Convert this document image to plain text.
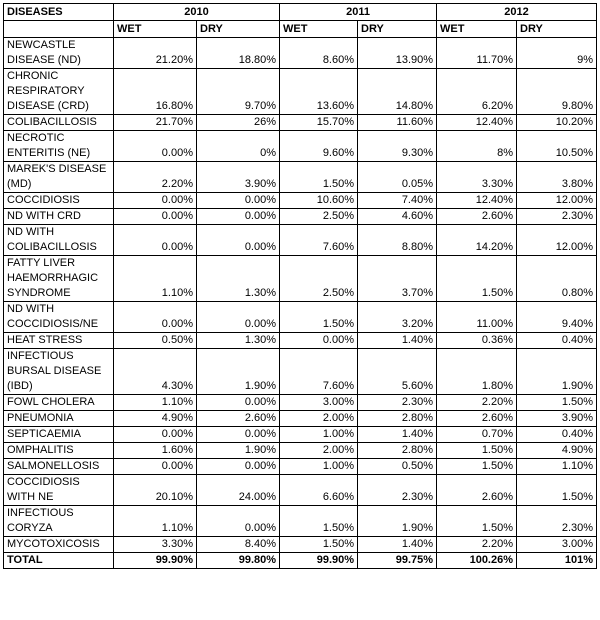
DISEASES	2010		2011		2012	
	WET	DRY	WET	DRY	WET	DRY
NEWCASTLE DISEASE (ND)	21.20%	18.80%	8.60%	13.90%	11.70%	9%
CHRONIC RESPIRATORY DISEASE (CRD)	16.80%	9.70%	13.60%	14.80%	6.20%	9.80%
COLIBACILLOSIS	21.70%	26%	15.70%	11.60%	12.40%	10.20%
NECROTIC ENTERITIS (NE)	0.00%	0%	9.60%	9.30%	8%	10.50%
MAREK'S DISEASE (MD)	2.20%	3.90%	1.50%	0.05%	3.30%	3.80%
COCCIDIOSIS	0.00%	0.00%	10.60%	7.40%	12.40%	12.00%
ND WITH CRD	0.00%	0.00%	2.50%	4.60%	2.60%	2.30%
ND WITH COLIBACILLOSIS	0.00%	0.00%	7.60%	8.80%	14.20%	12.00%
FATTY LIVER HAEMORRHAGIC SYNDROME	1.10%	1.30%	2.50%	3.70%	1.50%	0.80%
ND WITH COCCIDIOSIS/NE	0.00%	0.00%	1.50%	3.20%	11.00%	9.40%
HEAT STRESS	0.50%	1.30%	0.00%	1.40%	0.36%	0.40%
INFECTIOUS BURSAL DISEASE (IBD)	4.30%	1.90%	7.60%	5.60%	1.80%	1.90%
FOWL CHOLERA	1.10%	0.00%	3.00%	2.30%	2.20%	1.50%
PNEUMONIA	4.90%	2.60%	2.00%	2.80%	2.60%	3.90%
SEPTICAEMIA	0.00%	0.00%	1.00%	1.40%	0.70%	0.40%
OMPHALITIS	1.60%	1.90%	2.00%	2.80%	1.50%	4.90%
SALMONELLOSIS	0.00%	0.00%	1.00%	0.50%	1.50%	1.10%
COCCIDIOSIS WITH NE	20.10%	24.00%	6.60%	2.30%	2.60%	1.50%
INFECTIOUS CORYZA	1.10%	0.00%	1.50%	1.90%	1.50%	2.30%
MYCOTOXICOSIS	3.30%	8.40%	1.50%	1.40%	2.20%	3.00%
TOTAL	99.90%	99.80%	99.90%	99.75%	100.26%	101%
